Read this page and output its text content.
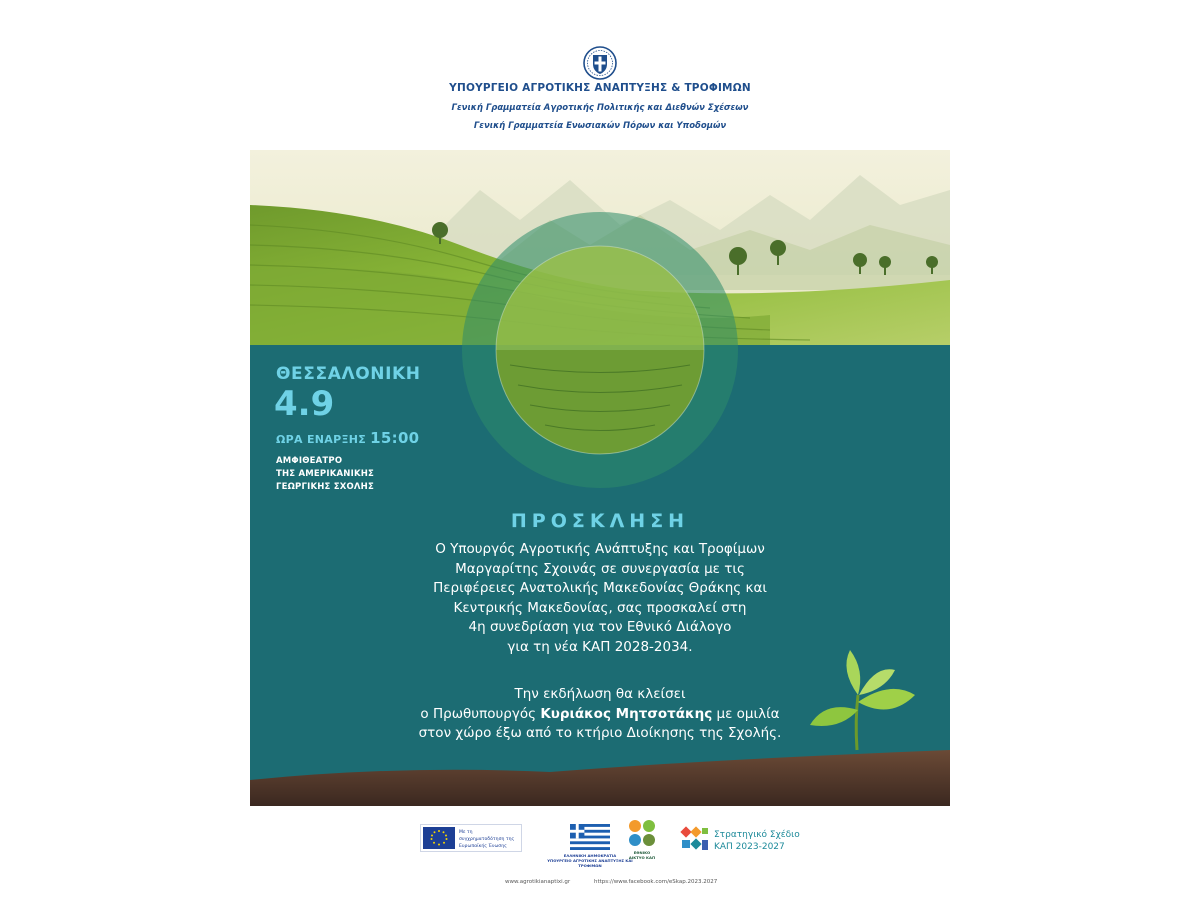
ΥΠΟΥΡΓΕΙΟ ΑΓΡΟΤΙΚΗΣ ΑΝΑΠΤΥΞΗΣ & ΤΡΟΦΙΜΩΝ
Γενική Γραμματεία Αγροτικής Πολιτικής και Διεθνών Σχέσεων
Γενική Γραμματεία Ενωσιακών Πόρων και Υποδομών
ΘΕΣΣΑΛΟΝΙΚΗ
4.9
ΩΡΑ ΕΝΑΡΞΗΣ 15:00
ΑΜΦΙΘΕΑΤΡΟ
ΤΗΣ ΑΜΕΡΙΚΑΝΙΚΗΣ
ΓΕΩΡΓΙΚΗΣ ΣΧΟΛΗΣ
ΠΡΟΣΚΛΗΣΗ
Ο Υπουργός Αγροτικής Ανάπτυξης και Τροφίμων
Μαργαρίτης Σχοινάς σε συνεργασία με τις
Περιφέρειες Ανατολικής Μακεδονίας Θράκης και
Κεντρικής Μακεδονίας, σας προσκαλεί στη
4η συνεδρίαση για τον Εθνικό Διάλογο
για τη νέα ΚΑΠ 2028-2034.
Την εκδήλωση θα κλείσει
ο Πρωθυπουργός Κυριάκος Μητσοτάκης με ομιλία
στον χώρο έξω από το κτήριο Διοίκησης της Σχολής.
Με τη συγχρηματοδότηση της Ευρωπαϊκής Ένωσης
ΕΛΛΗΝΙΚΗ ΔΗΜΟΚΡΑΤΙΑ
ΥΠΟΥΡΓΕΙΟ ΑΓΡΟΤΙΚΗΣ ΑΝΑΠΤΥΞΗΣ ΚΑΙ ΤΡΟΦΙΜΩΝ
ΕΘΝΙΚΟ
ΔΙΚΤΥΟ ΚΑΠ
Στρατηγικό Σχέδιο
ΚΑΠ 2023-2027
www.agrotikianaptixi.gr	https://www.facebook.com/eSkap.2023.2027
